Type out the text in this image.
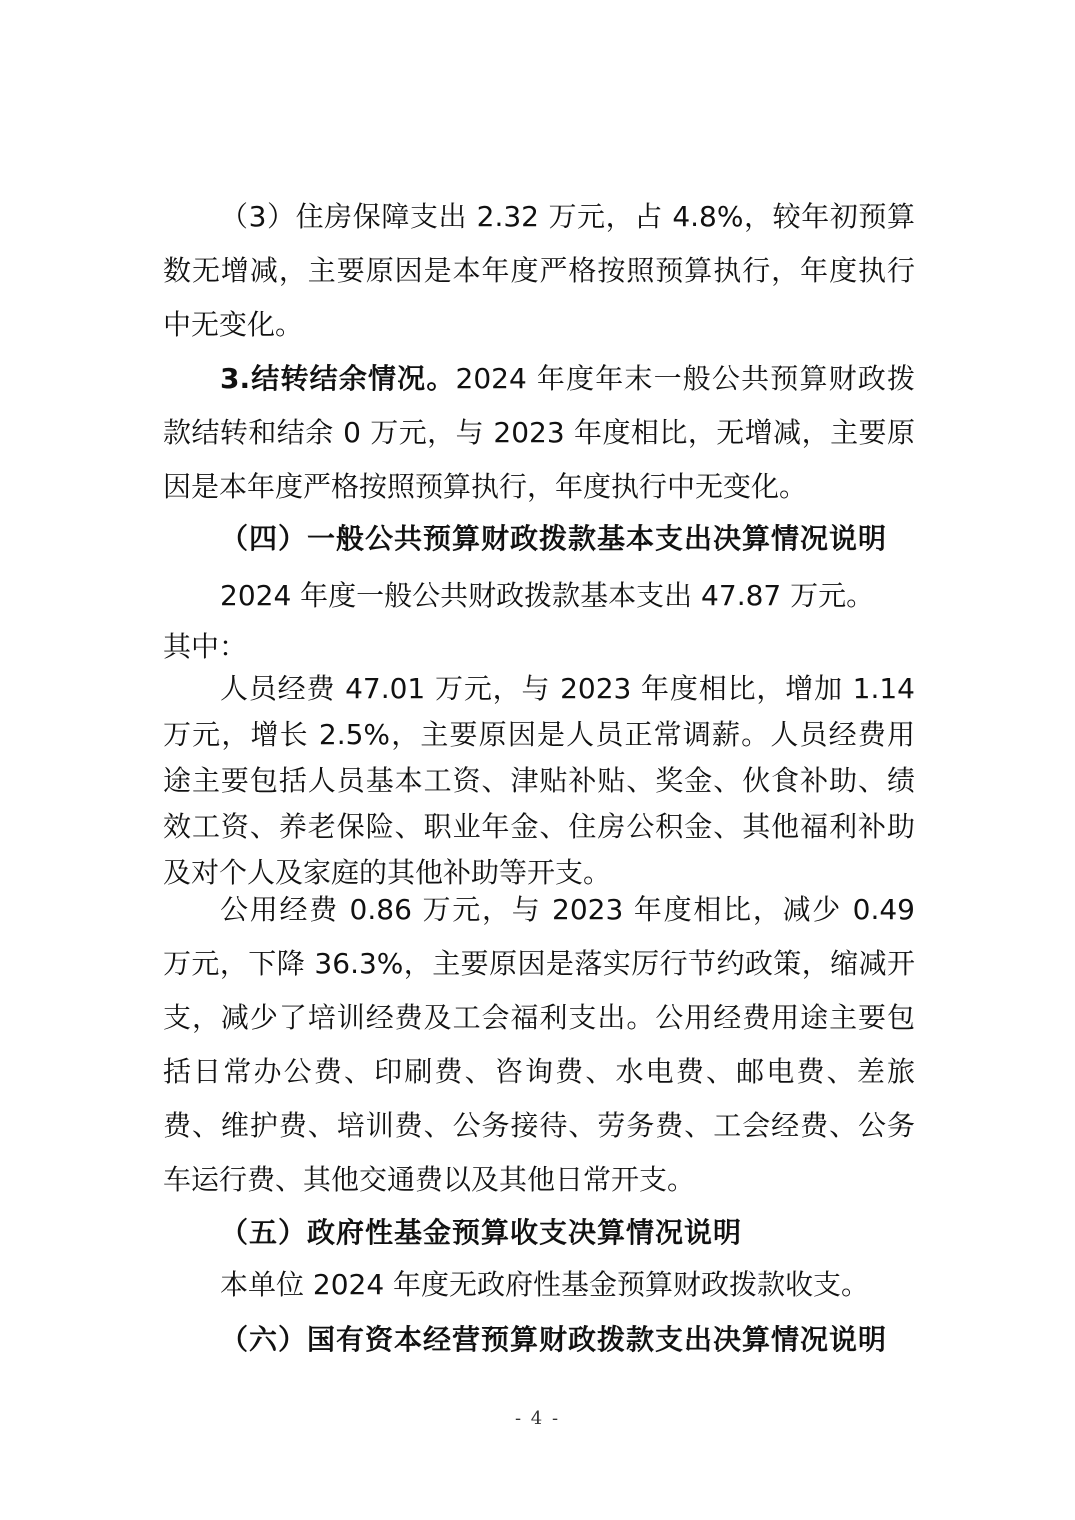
（3）住房保障支出 2.32 万元，占 4.8%，较年初预算数无增减，主要原因是本年度严格按照预算执行，年度执行中无变化。

3.结转结余情况。2024 年度年末一般公共预算财政拨款结转和结余 0 万元，与 2023 年度相比，无增减，主要原因是本年度严格按照预算执行，年度执行中无变化。

（四）一般公共预算财政拨款基本支出决算情况说明

2024 年度一般公共财政拨款基本支出 47.87 万元。

其中：

人员经费 47.01 万元，与 2023 年度相比，增加 1.14 万元，增长 2.5%，主要原因是人员正常调薪。人员经费用途主要包括人员基本工资、津贴补贴、奖金、伙食补助、绩效工资、养老保险、职业年金、住房公积金、其他福利补助及对个人及家庭的其他补助等开支。

公用经费 0.86 万元，与 2023 年度相比，减少 0.49 万元，下降 36.3%，主要原因是落实厉行节约政策，缩减开支，减少了培训经费及工会福利支出。公用经费用途主要包括日常办公费、印刷费、咨询费、水电费、邮电费、差旅费、维护费、培训费、公务接待、劳务费、工会经费、公务车运行费、其他交通费以及其他日常开支。

（五）政府性基金预算收支决算情况说明

本单位 2024 年度无政府性基金预算财政拨款收支。

（六）国有资本经营预算财政拨款支出决算情况说明

- 4 -
